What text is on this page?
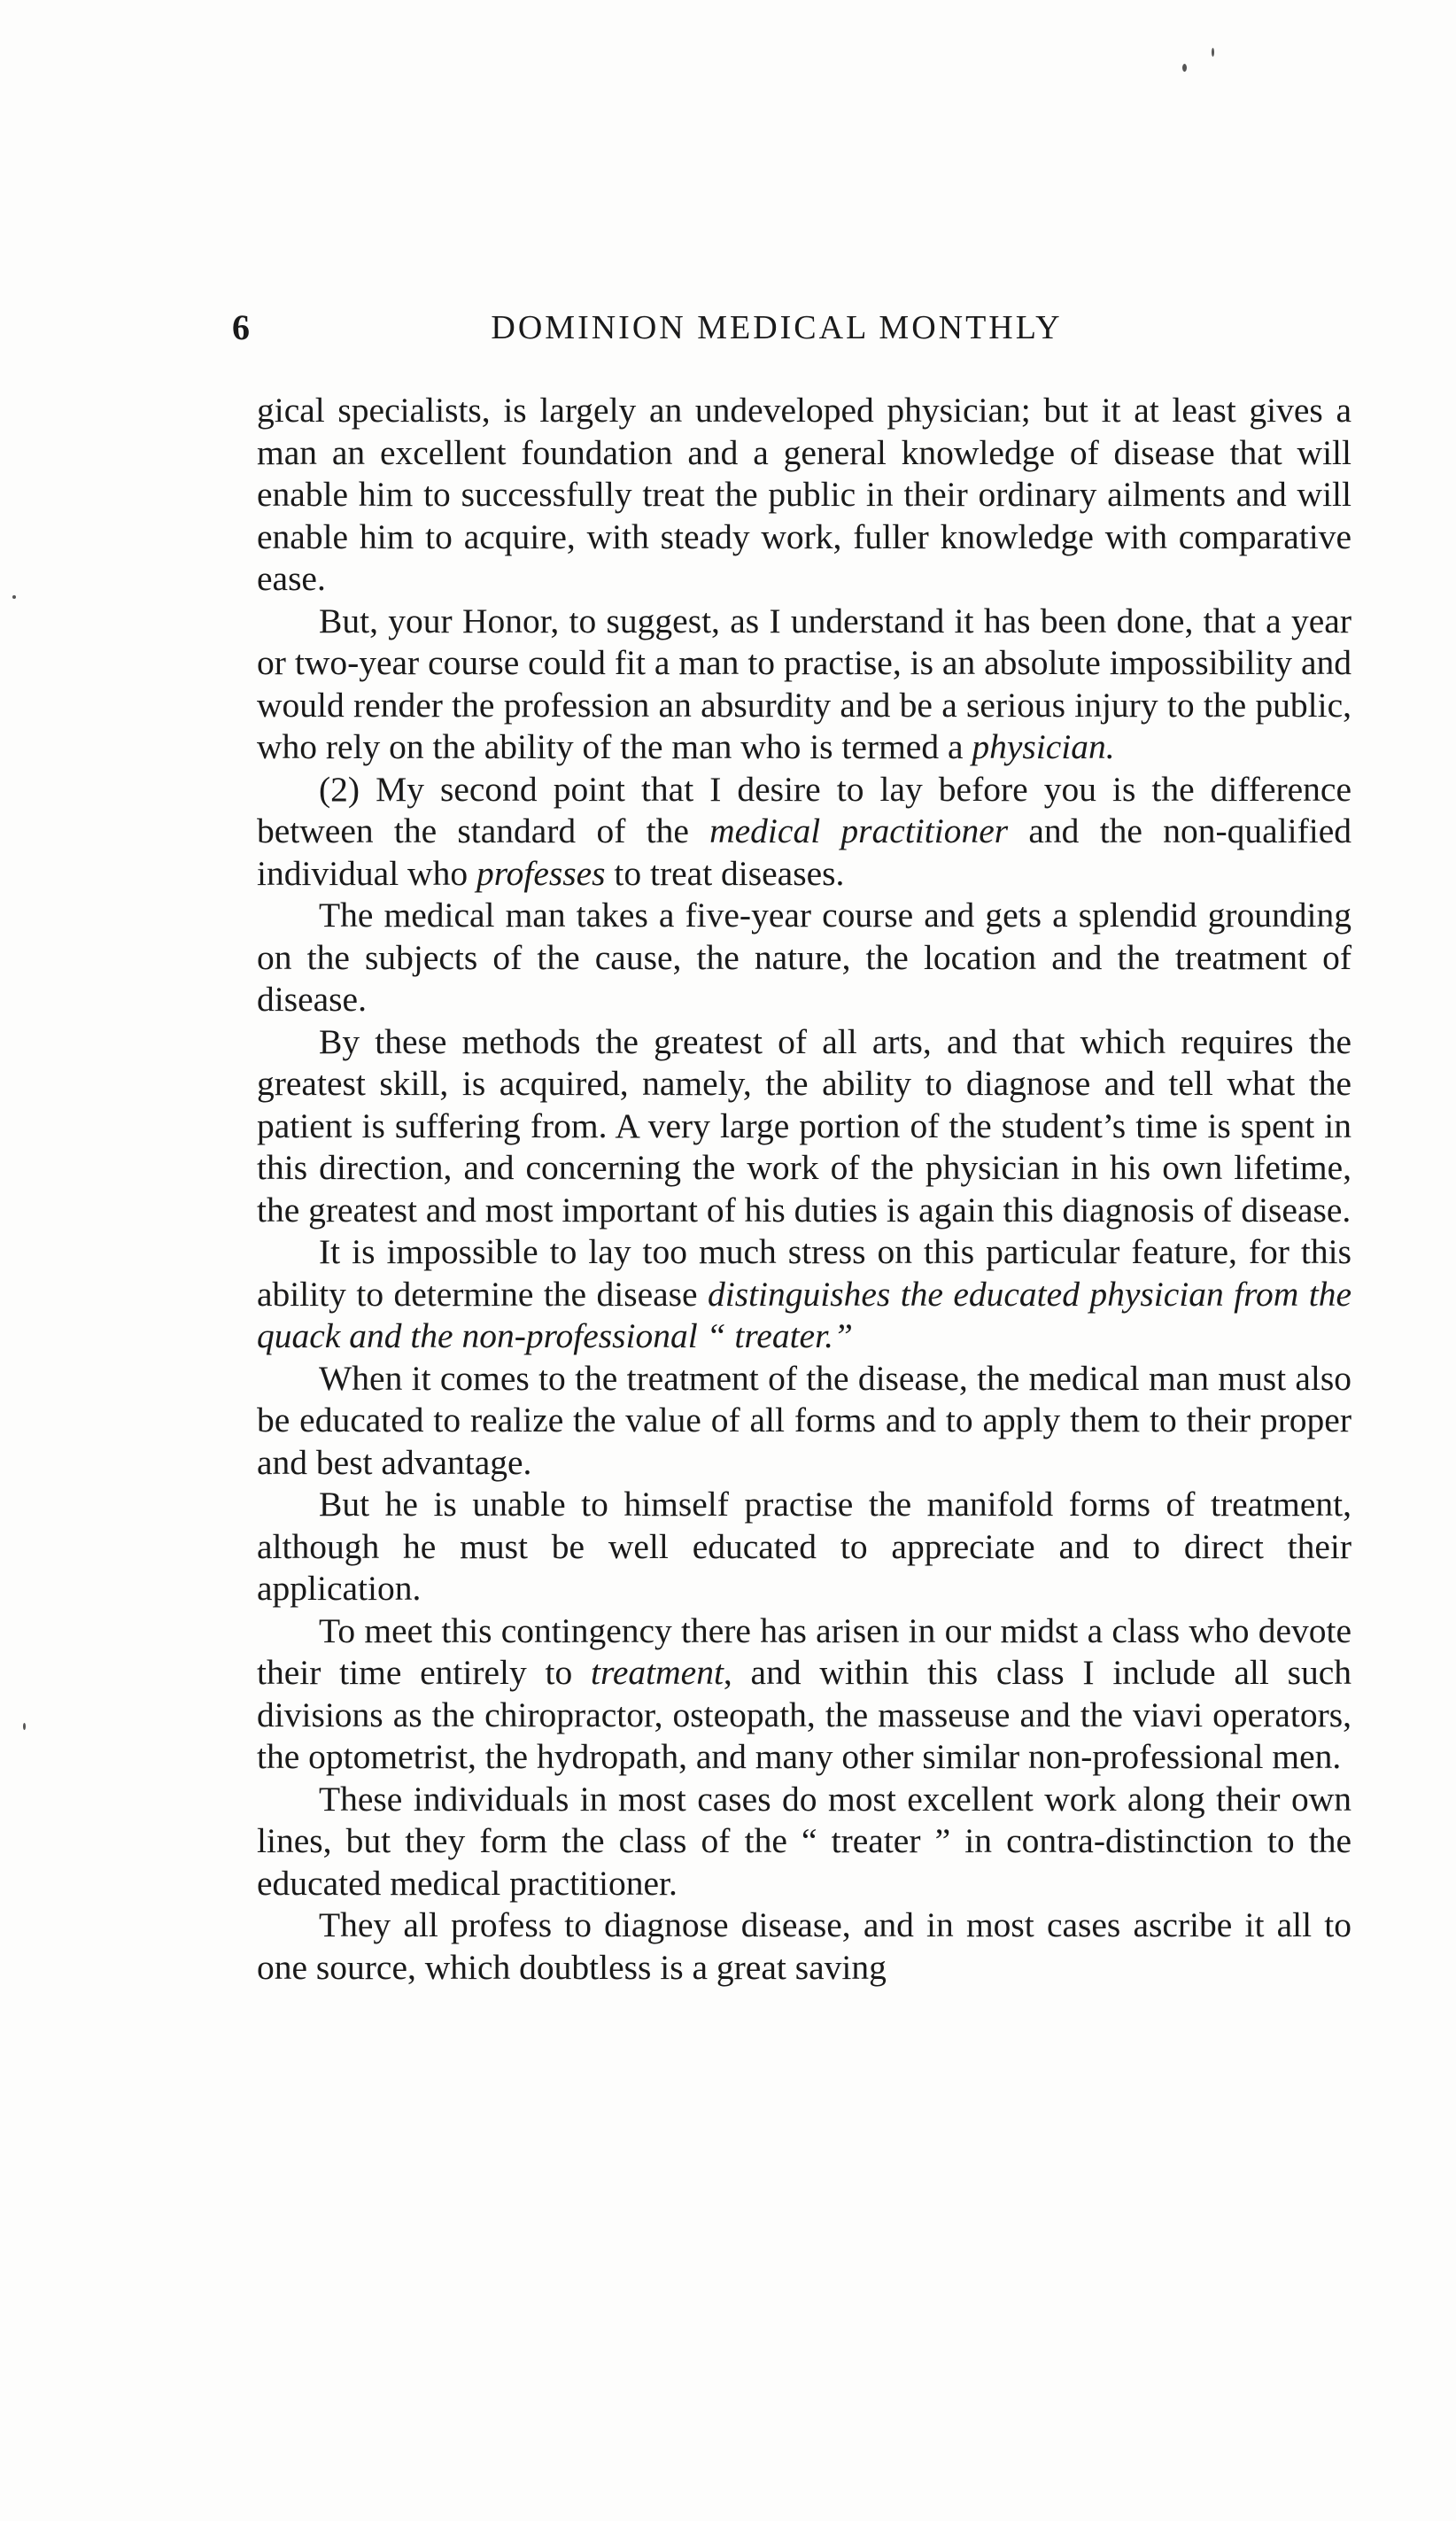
6	DOMINION MEDICAL MONTHLY

gical specialists, is largely an undeveloped physician; but it at least gives a man an excellent foundation and a general knowledge of disease that will enable him to successfully treat the public in their ordinary ailments and will enable him to acquire, with steady work, fuller knowledge with comparative ease.

But, your Honor, to suggest, as I understand it has been done, that a year or two-year course could fit a man to practise, is an absolute impossibility and would render the profession an absurdity and be a serious injury to the public, who rely on the ability of the man who is termed a physician.

(2) My second point that I desire to lay before you is the difference between the standard of the medical practitioner and the non-qualified individual who professes to treat diseases.

The medical man takes a five-year course and gets a splendid grounding on the subjects of the cause, the nature, the location and the treatment of disease.

By these methods the greatest of all arts, and that which requires the greatest skill, is acquired, namely, the ability to diagnose and tell what the patient is suffering from. A very large portion of the student’s time is spent in this direction, and concerning the work of the physician in his own lifetime, the greatest and most important of his duties is again this diagnosis of disease.

It is impossible to lay too much stress on this particular feature, for this ability to determine the disease distinguishes the educated physician from the quack and the non-professional “ treater.”

When it comes to the treatment of the disease, the medical man must also be educated to realize the value of all forms and to apply them to their proper and best advantage.

But he is unable to himself practise the manifold forms of treatment, although he must be well educated to appreciate and to direct their application.

To meet this contingency there has arisen in our midst a class who devote their time entirely to treatment, and within this class I include all such divisions as the chiropractor, osteopath, the masseuse and the viavi operators, the optometrist, the hydropath, and many other similar non-professional men.

These individuals in most cases do most excellent work along their own lines, but they form the class of the “ treater ” in contra-distinction to the educated medical practitioner.

They all profess to diagnose disease, and in most cases ascribe it all to one source, which doubtless is a great saving
